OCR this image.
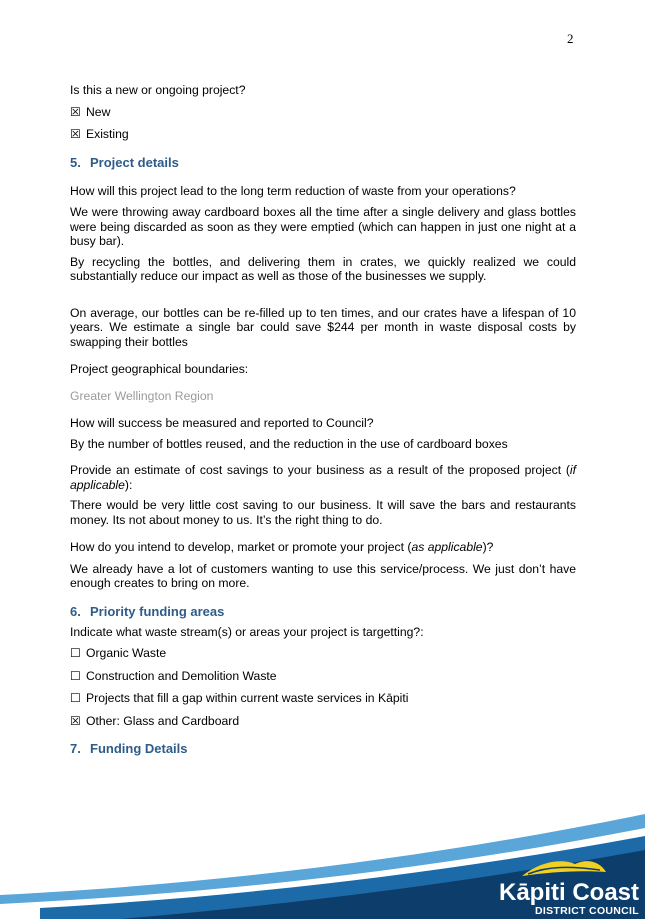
2

Is this a new or ongoing project?

☒ New

☒ Existing

5. Project details

How will this project lead to the long term reduction of waste from your operations?

We were throwing away cardboard boxes all the time after a single delivery and glass bottles were being discarded as soon as they were emptied (which can happen in just one night at a busy bar).

By recycling the bottles, and delivering them in crates, we quickly realized we could substantially reduce our impact as well as those of the businesses we supply.

On average, our bottles can be re-filled up to ten times, and our crates have a lifespan of 10 years. We estimate a single bar could save $244 per month in waste disposal costs by swapping their bottles

Project geographical boundaries:

Greater Wellington Region

How will success be measured and reported to Council?

By the number of bottles reused, and the reduction in the use of cardboard boxes

Provide an estimate of cost savings to your business as a result of the proposed project (if applicable):

There would be very little cost saving to our business. It will save the bars and restaurants money. Its not about money to us. It’s the right thing to do.

How do you intend to develop, market or promote your project (as applicable)?

We already have a lot of customers wanting to use this service/process. We just don’t have enough creates to bring on more.

6. Priority funding areas

Indicate what waste stream(s) or areas your project is targetting?:

☐ Organic Waste

☐ Construction and Demolition Waste

☐ Projects that fill a gap within current waste services in Kāpiti

☒ Other: Glass and Cardboard

7. Funding Details
Kāpiti Coast
DISTRICT COUNCIL
